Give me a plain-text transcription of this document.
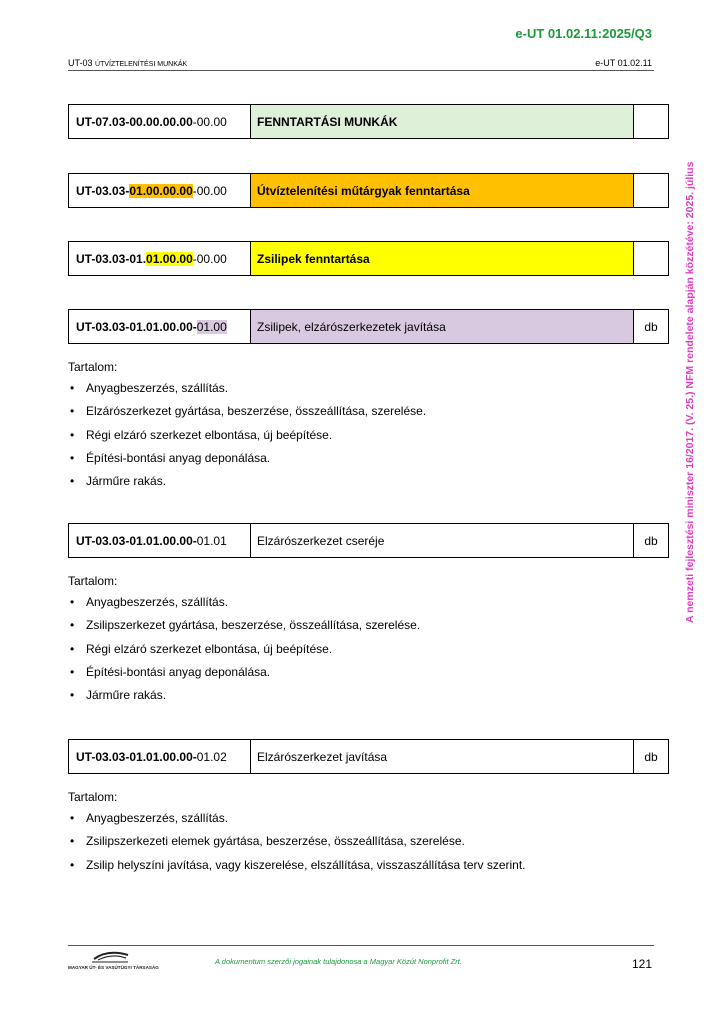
e-UT 01.02.11:2025/Q3
UT-03 ÚTVÍZTELENÍTÉSI MUNKÁK	e-UT 01.02.11
UT-07. 03-00.00.00.00 -00.00	FENNTARTÁSI MUNKÁK
UT-03.03- 01.00.00.00 -00.00	Útvíztelenítési műtárgyak fenntartása
UT-03.03-01. 01.00.00 -00.00	Zsilipek fenntartása
UT-03.03-01.01.00.00- 01.00	Zsilipek, elzárószerkezetek javítása	db
Tartalom:
• Anyagbeszerzés, szállítás.
• Elzárószerkezet gyártása, beszerzése, összeállítása, szerelése.
• Régi elzáró szerkezet elbontása, új beépítése.
• Építési-bontási anyag deponálása.
• Járműre rakás.
UT-03.03-01.01.00.00- 01.01	Elzárószerkezet cseréje	db
Tartalom:
• Anyagbeszerzés, szállítás.
• Zsilipszerkezet gyártása, beszerzése, összeállítása, szerelése.
• Régi elzáró szerkezet elbontása, új beépítése.
• Építési-bontási anyag deponálása.
• Járműre rakás.
UT-03.03-01.01.00.00- 01.02	Elzárószerkezet javítása	db
Tartalom:
• Anyagbeszerzés, szállítás.
• Zsilipszerkezeti elemek gyártása, beszerzése, összeállítása, szerelése.
• Zsilip helyszíni javítása, vagy kiszerelése, elszállítása, visszaszállítása terv szerint.
A nemzeti fejlesztési miniszter 16/2017. (V. 25.) NFM rendelete alapján közzétéve: 2025. július
MAGYAR ÚT- ÉS VASÚTÜGYI TÁRSASÁG
A dokumentum szerzői jogainak tulajdonosa a Magyar Közút Nonprofit Zrt.	121
